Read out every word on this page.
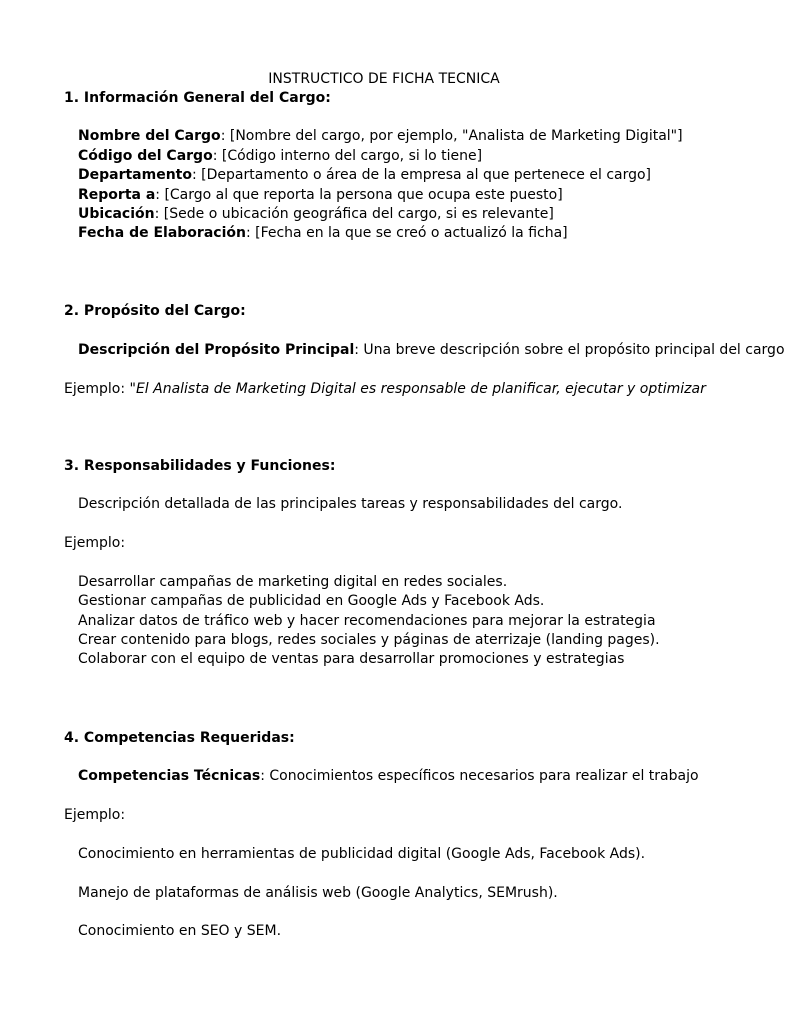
INSTRUCTICO DE FICHA TECNICA
1. Información General del Cargo:
Nombre del Cargo: [Nombre del cargo, por ejemplo, "Analista de Marketing Digital"]
Código del Cargo: [Código interno del cargo, si lo tiene]
Departamento: [Departamento o área de la empresa al que pertenece el cargo]
Reporta a: [Cargo al que reporta la persona que ocupa este puesto]
Ubicación: [Sede o ubicación geográfica del cargo, si es relevante]
Fecha de Elaboración: [Fecha en la que se creó o actualizó la ficha]
2. Propósito del Cargo:
Descripción del Propósito Principal: Una breve descripción sobre el propósito principal del cargo
Ejemplo: "El Analista de Marketing Digital es responsable de planificar, ejecutar y optimizar
3. Responsabilidades y Funciones:
Descripción detallada de las principales tareas y responsabilidades del cargo.
Ejemplo:
Desarrollar campañas de marketing digital en redes sociales.
Gestionar campañas de publicidad en Google Ads y Facebook Ads.
Analizar datos de tráfico web y hacer recomendaciones para mejorar la estrategia
Crear contenido para blogs, redes sociales y páginas de aterrizaje (landing pages).
Colaborar con el equipo de ventas para desarrollar promociones y estrategias
4. Competencias Requeridas:
Competencias Técnicas: Conocimientos específicos necesarios para realizar el trabajo
Ejemplo:
Conocimiento en herramientas de publicidad digital (Google Ads, Facebook Ads).
Manejo de plataformas de análisis web (Google Analytics, SEMrush).
Conocimiento en SEO y SEM.
